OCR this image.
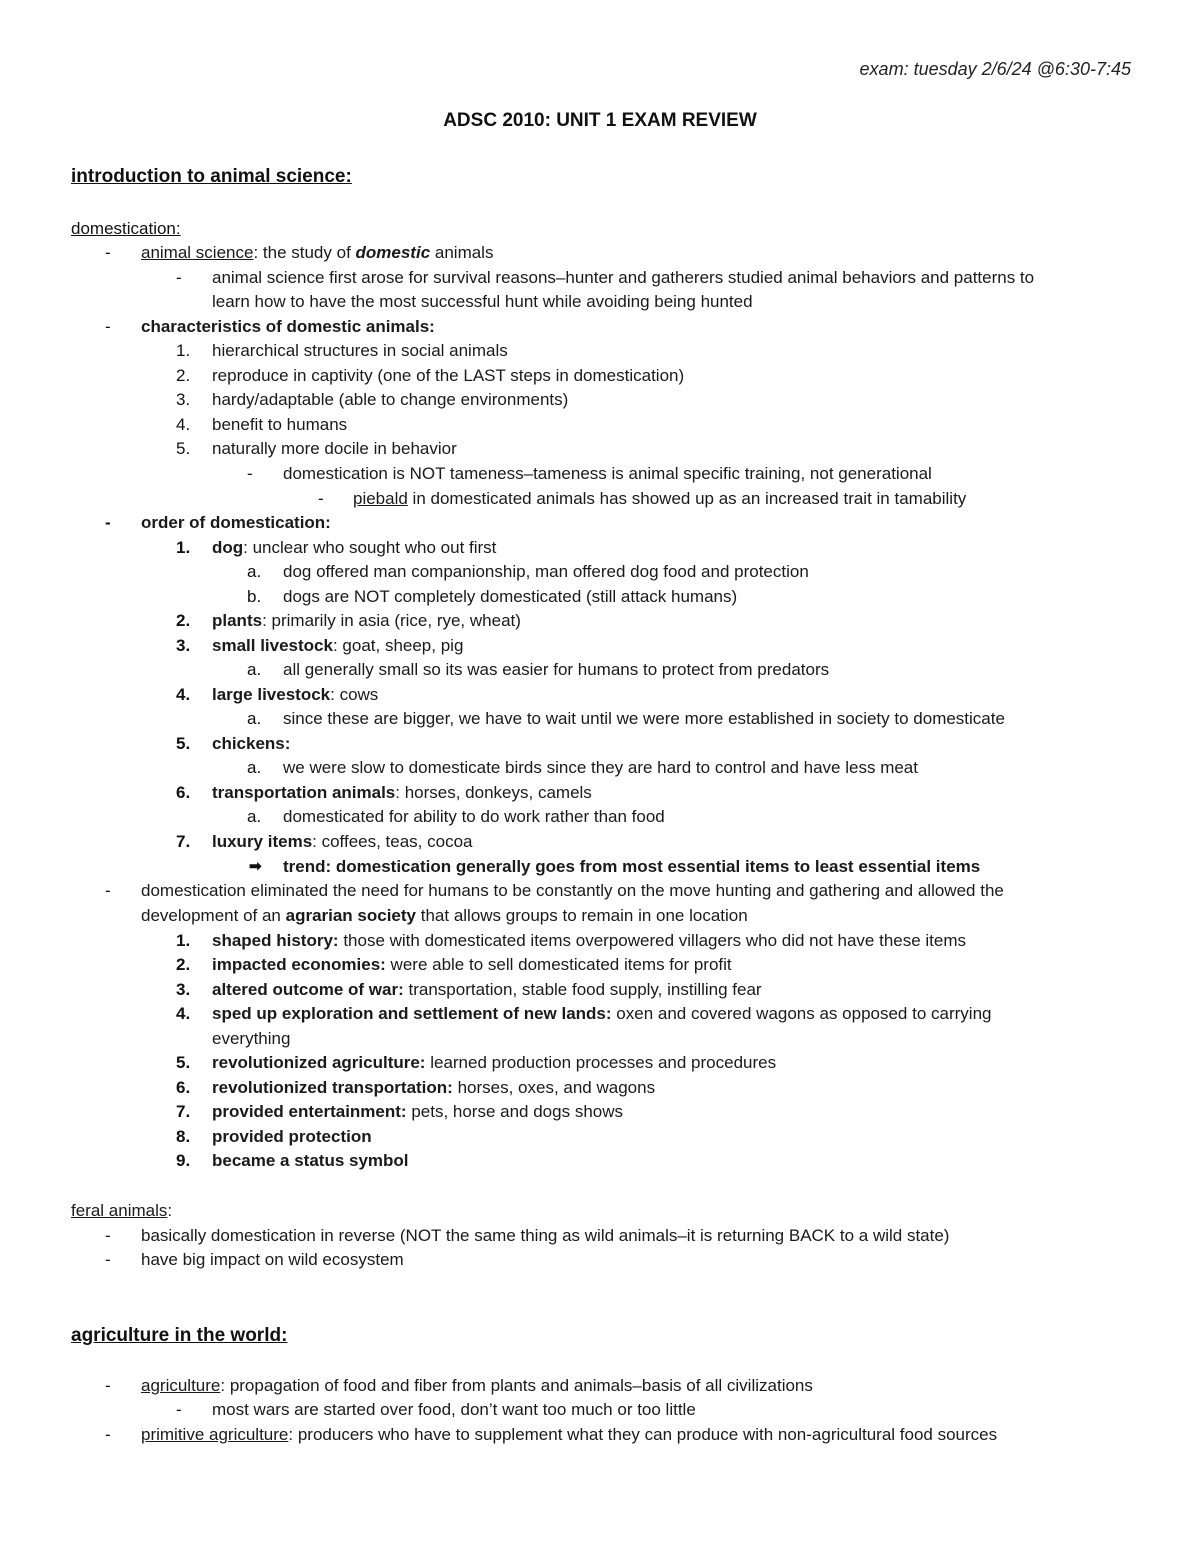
exam: tuesday 2/6/24 @6:30-7:45
ADSC 2010: UNIT 1 EXAM REVIEW
introduction to animal science:
domestication:
- animal science: the study of domestic animals
- animal science first arose for survival reasons–hunter and gatherers studied animal behaviors and patterns to
learn how to have the most successful hunt while avoiding being hunted
- characteristics of domestic animals:
1. hierarchical structures in social animals
2. reproduce in captivity (one of the LAST steps in domestication)
3. hardy/adaptable (able to change environments)
4. benefit to humans
5. naturally more docile in behavior
- domestication is NOT tameness–tameness is animal specific training, not generational
- piebald in domesticated animals has showed up as an increased trait in tamability
- order of domestication:
1. dog: unclear who sought who out first
a. dog offered man companionship, man offered dog food and protection
b. dogs are NOT completely domesticated (still attack humans)
2. plants: primarily in asia (rice, rye, wheat)
3. small livestock: goat, sheep, pig
a. all generally small so its was easier for humans to protect from predators
4. large livestock: cows
a. since these are bigger, we have to wait until we were more established in society to domesticate
5. chickens:
a. we were slow to domesticate birds since they are hard to control and have less meat
6. transportation animals: horses, donkeys, camels
a. domesticated for ability to do work rather than food
7. luxury items: coffees, teas, cocoa
➡ trend: domestication generally goes from most essential items to least essential items
- domestication eliminated the need for humans to be constantly on the move hunting and gathering and allowed the
development of an agrarian society that allows groups to remain in one location
1. shaped history: those with domesticated items overpowered villagers who did not have these items
2. impacted economies: were able to sell domesticated items for profit
3. altered outcome of war: transportation, stable food supply, instilling fear
4. sped up exploration and settlement of new lands: oxen and covered wagons as opposed to carrying
everything
5. revolutionized agriculture: learned production processes and procedures
6. revolutionized transportation: horses, oxes, and wagons
7. provided entertainment: pets, horse and dogs shows
8. provided protection
9. became a status symbol
feral animals:
- basically domestication in reverse (NOT the same thing as wild animals–it is returning BACK to a wild state)
- have big impact on wild ecosystem
agriculture in the world:
- agriculture: propagation of food and fiber from plants and animals–basis of all civilizations
- most wars are started over food, don’t want too much or too little
- primitive agriculture: producers who have to supplement what they can produce with non-agricultural food sources
